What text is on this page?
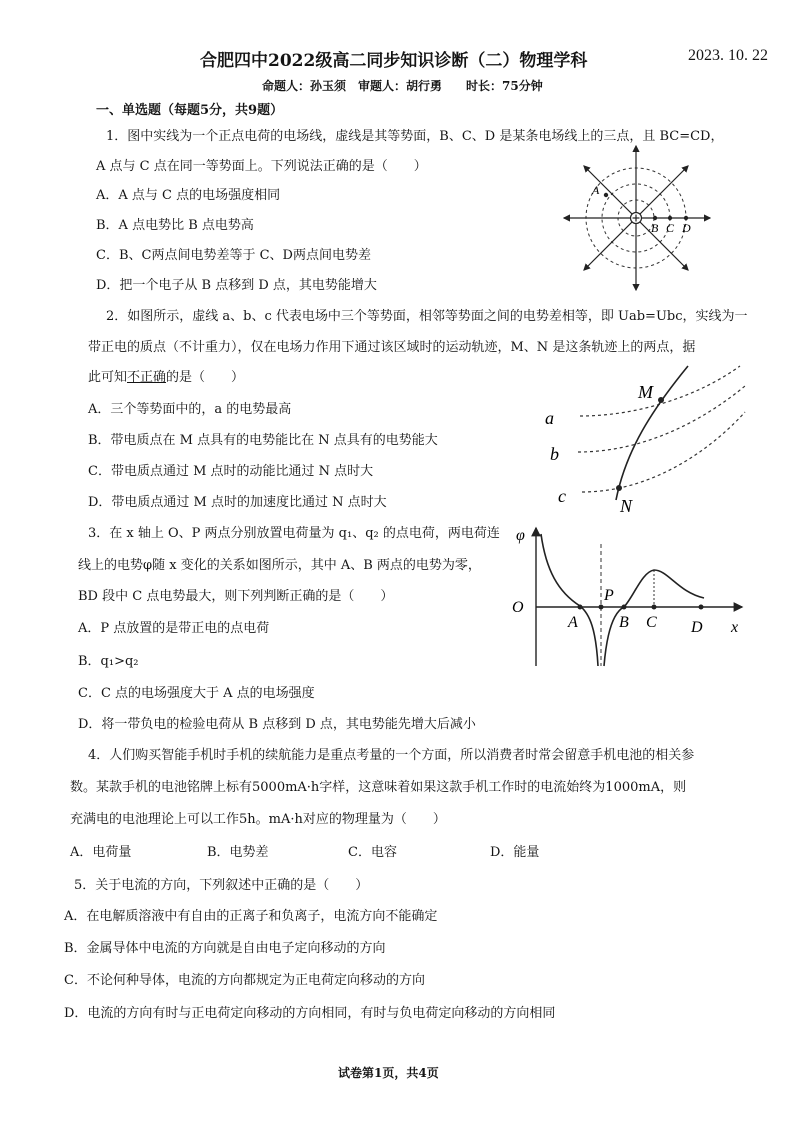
合肥四中2022级高二同步知识诊断（二）物理学科	2023. 10. 22
命题人：孙玉须　审题人：胡行勇　　时长：75分钟
一、单选题（每题5分，共9题）
1．图中实线为一个正点电荷的电场线，虚线是其等势面，B、C、D 是某条电场线上的三点，且 BC=CD，
A 点与 C 点在同一等势面上。下列说法正确的是（　　）
A．A 点与 C 点的电场强度相同
B．A 点电势比 B 点电势高
C．B、C两点间电势差等于 C、D两点间电势差
D．把一个电子从 B 点移到 D 点，其电势能增大
A
B C D
2．如图所示，虚线 a、b、c 代表电场中三个等势面，相邻等势面之间的电势差相等，即 Uab=Ubc，实线为一
带正电的质点（不计重力），仅在电场力作用下通过该区域时的运动轨迹，M、N 是这条轨迹上的两点，据
此可知不正确的是（　　）
A．三个等势面中的，a 的电势最高
B．带电质点在 M 点具有的电势能比在 N 点具有的电势能大
C．带电质点通过 M 点时的动能比通过 N 点时大
D．带电质点通过 M 点时的加速度比通过 N 点时大
a
b
c
M
N
3．在 x 轴上 O、P 两点分别放置电荷量为 q₁、q₂ 的点电荷，两电荷连
线上的电势φ随 x 变化的关系如图所示，其中 A、B 两点的电势为零，
BD 段中 C 点电势最大，则下列判断正确的是（　　）
A．P 点放置的是带正电的点电荷
B．q₁>q₂
C．C 点的电场强度大于 A 点的电场强度
D．将一带负电的检验电荷从 B 点移到 D 点，其电势能先增大后减小
φ
O
P
A	B C D x
4．人们购买智能手机时手机的续航能力是重点考量的一个方面，所以消费者时常会留意手机电池的相关参
数。某款手机的电池铭牌上标有5000mA·h字样，这意味着如果这款手机工作时的电流始终为1000mA，则
充满电的电池理论上可以工作5h。mA·h对应的物理量为（　　）
A．电荷量	B．电势差	C．电容	D．能量
5．关于电流的方向，下列叙述中正确的是（　　）
A．在电解质溶液中有自由的正离子和负离子，电流方向不能确定
B．金属导体中电流的方向就是自由电子定向移动的方向
C．不论何种导体，电流的方向都规定为正电荷定向移动的方向
D．电流的方向有时与正电荷定向移动的方向相同，有时与负电荷定向移动的方向相同
试卷第1页，共4页
